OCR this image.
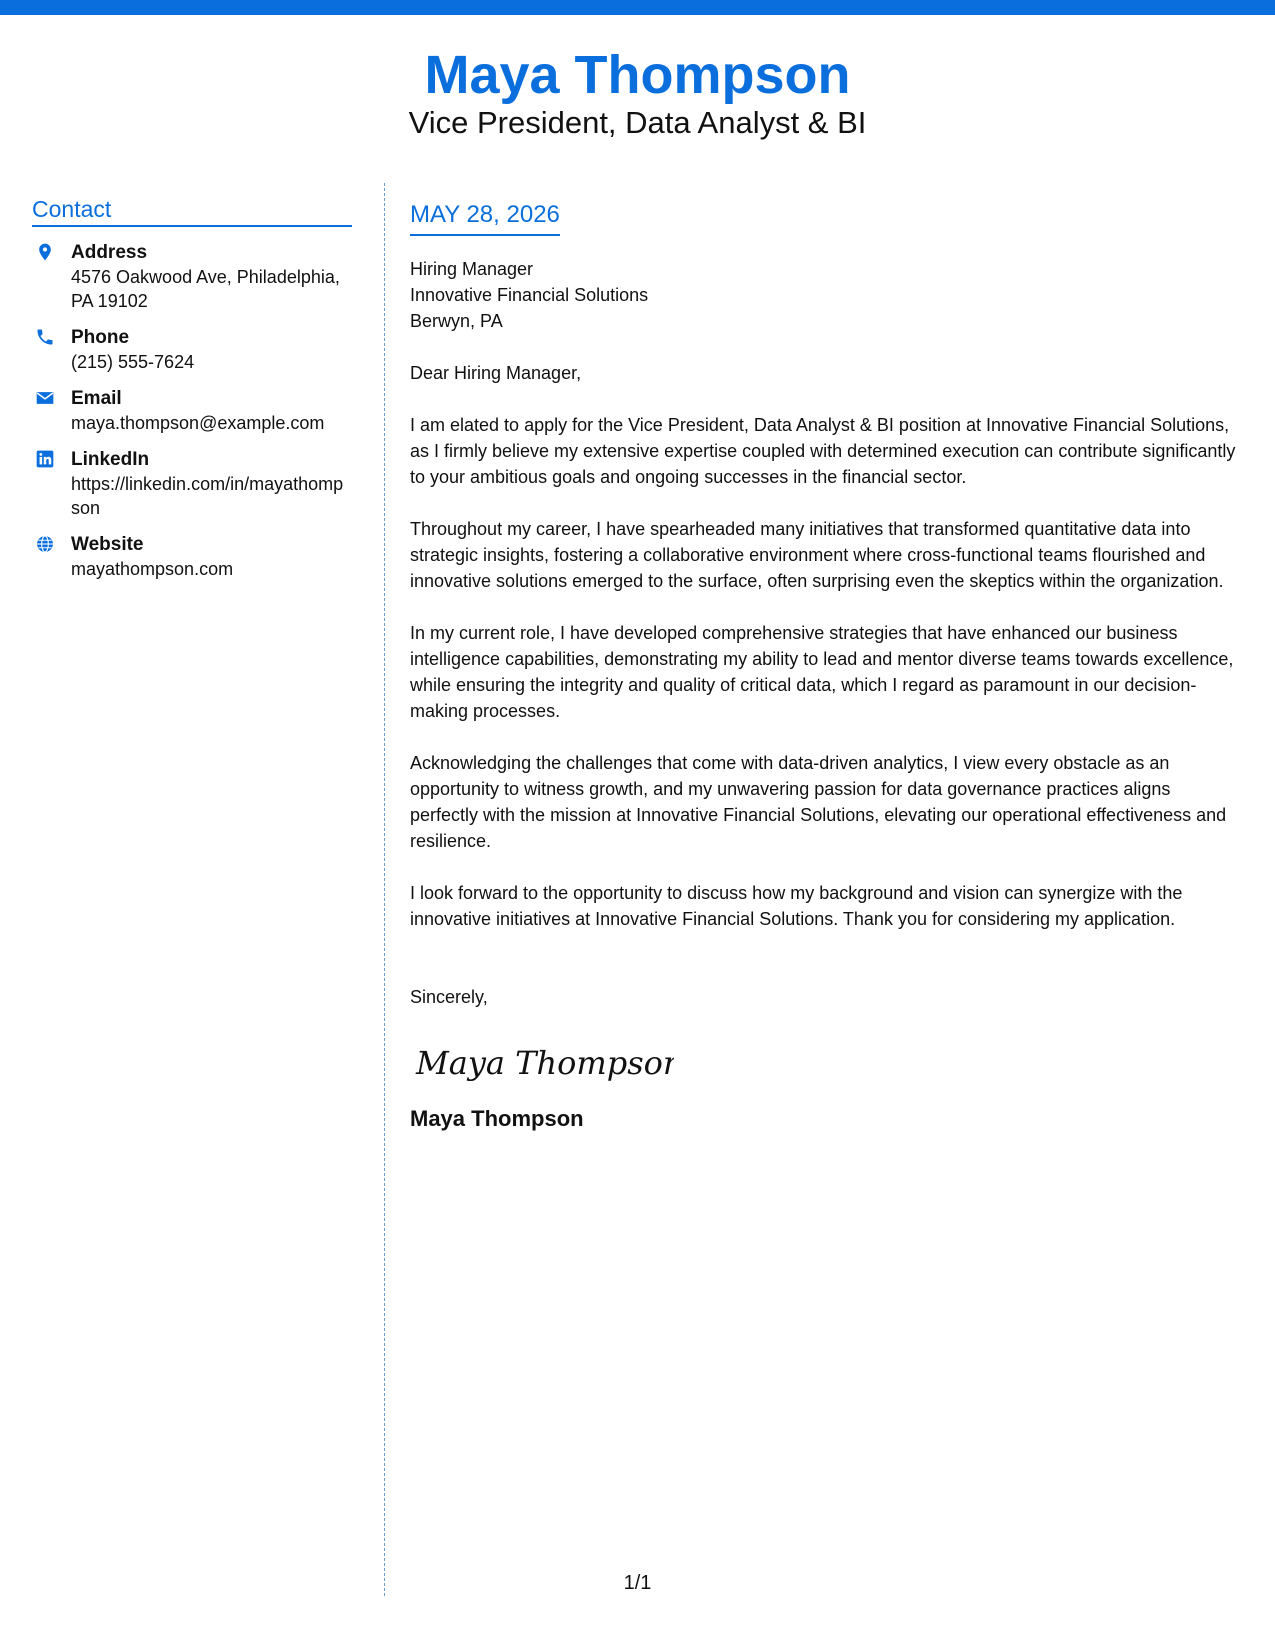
Maya Thompson
Vice President, Data Analyst & BI
Contact
Address
4576 Oakwood Ave, Philadelphia, PA 19102
Phone
(215) 555-7624
Email
maya.thompson@example.com
LinkedIn
https://linkedin.com/in/mayathompson
Website
mayathompson.com
MAY 28, 2026
Hiring Manager
Innovative Financial Solutions
Berwyn, PA
Dear Hiring Manager,
I am elated to apply for the Vice President, Data Analyst & BI position at Innovative Financial Solutions, as I firmly believe my extensive expertise coupled with determined execution can contribute significantly to your ambitious goals and ongoing successes in the financial sector.
Throughout my career, I have spearheaded many initiatives that transformed quantitative data into strategic insights, fostering a collaborative environment where cross-functional teams flourished and innovative solutions emerged to the surface, often surprising even the skeptics within the organization.
In my current role, I have developed comprehensive strategies that have enhanced our business intelligence capabilities, demonstrating my ability to lead and mentor diverse teams towards excellence, while ensuring the integrity and quality of critical data, which I regard as paramount in our decision-making processes.
Acknowledging the challenges that come with data-driven analytics, I view every obstacle as an opportunity to witness growth, and my unwavering passion for data governance practices aligns perfectly with the mission at Innovative Financial Solutions, elevating our operational effectiveness and resilience.
I look forward to the opportunity to discuss how my background and vision can synergize with the innovative initiatives at Innovative Financial Solutions. Thank you for considering my application.
Sincerely,
Maya Thompson
Maya Thompson
1/1
